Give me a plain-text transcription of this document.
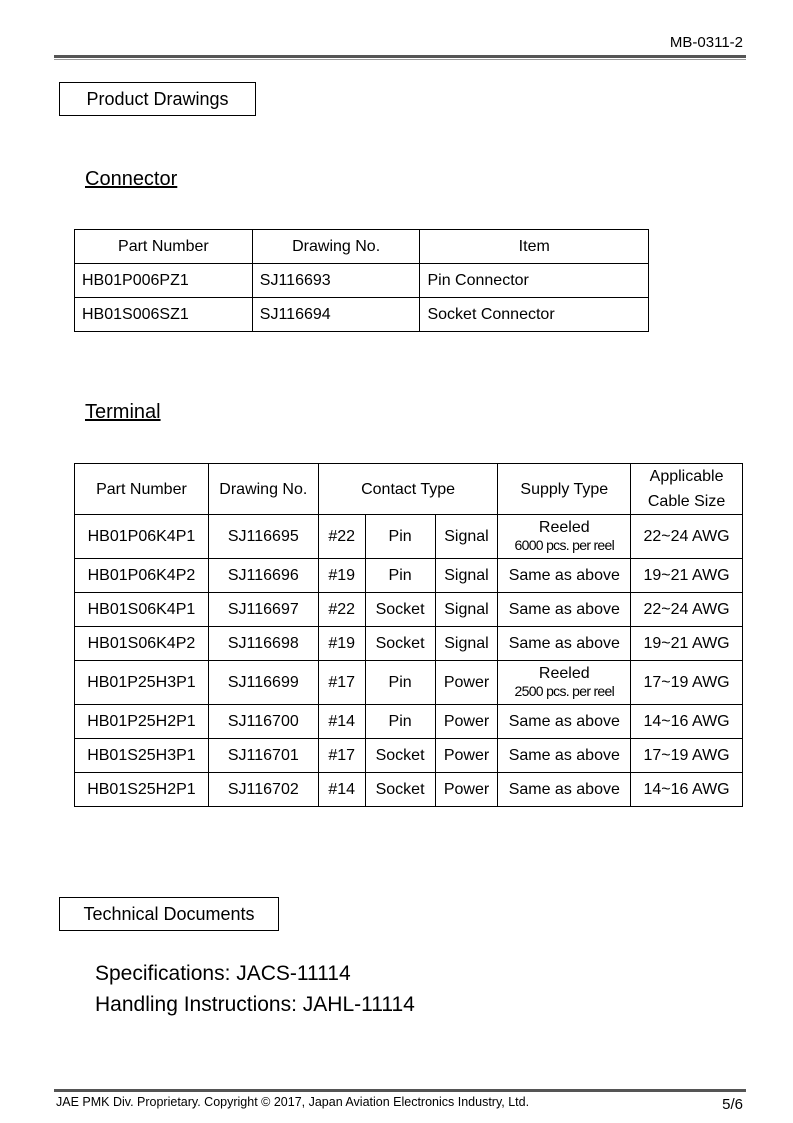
MB-0311-2
Product Drawings
Connector
Part Number	Drawing No.	Item
HB01P006PZ1	SJ116693	Pin Connector
HB01S006SZ1	SJ116694	Socket Connector
Terminal
Part Number	Drawing No.	Contact Type			Supply Type	Applicable
Cable Size

HB01P06K4P1	SJ116695	#22	Pin	Signal	Reeled
6000 pcs. per reel	22~24 AWG
HB01P06K4P2	SJ116696	#19	Pin	Signal	Same as above	19~21 AWG
HB01S06K4P1	SJ116697	#22	Socket	Signal	Same as above	22~24 AWG
HB01S06K4P2	SJ116698	#19	Socket	Signal	Same as above	19~21 AWG
HB01P25H3P1	SJ116699	#17	Pin	Power	Reeled
2500 pcs. per reel	17~19 AWG
HB01P25H2P1	SJ116700	#14	Pin	Power	Same as above	14~16 AWG
HB01S25H3P1	SJ116701	#17	Socket	Power	Same as above	17~19 AWG
HB01S25H2P1	SJ116702	#14	Socket	Power	Same as above	14~16 AWG
Technical Documents
Specifications: JACS-11114
Handling Instructions: JAHL-11114
JAE PMK Div. Proprietary. Copyright © 2017, Japan Aviation Electronics Industry, Ltd.	5/6
